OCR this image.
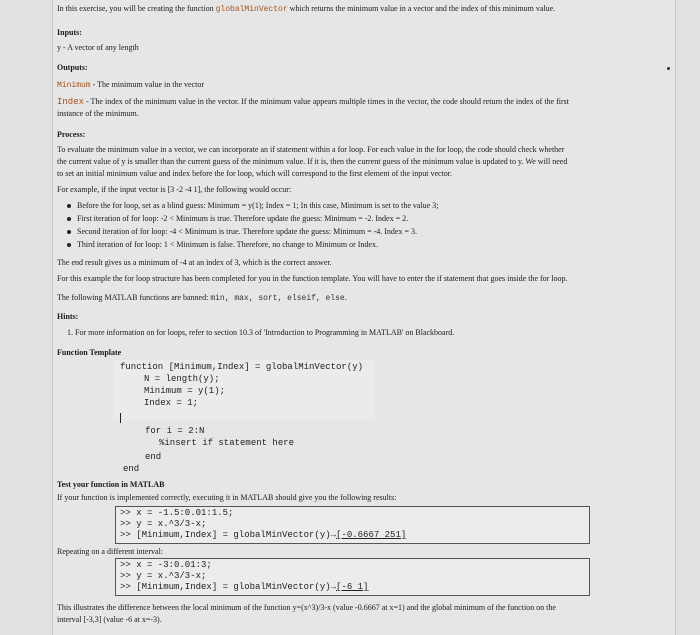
In this exercise, you will be creating the function globalMinVector which returns the minimum value in a vector and the index of this minimum value.
Inputs:
y - A vector of any length
Outputs:
Minimum - The minimum value in the vector
Index - The index of the minimum value in the vector. If the minimum value appears multiple times in the vector, the code should return the index of the first
instance of the minimum.
Process:
To evaluate the minimum value in a vector, we can incorporate an if statement within a for loop. For each value in the for loop, the code should check whether
the current value of y is smaller than the current guess of the minimum value. If it is, then the current guess of the minimum value is updated to y. We will need
to set an initial minimum value and index before the for loop, which will correspond to the first element of the input vector.
For example, if the input vector is [3 -2 -4 1], the following would occur:
Before the for loop, set as a blind guess: Minimum = y(1); Index = 1; In this case, Minimum is set to the value 3;
First iteration of for loop: -2 < Minimum is true. Therefore update the guess: Minimum = -2. Index = 2.
Second iteration of for loop: -4 < Minimum is true. Therefore update the guess: Minimum = -4. Index = 3.
Third iteration of for loop: 1 < Minimum is false. Therefore, no change to Minimum or Index.
The end result gives us a minimum of -4 at an index of 3, which is the correct answer.
For this example the for loop structure has been completed for you in the function template. You will have to enter the if statement that goes inside the for loop.
The following MATLAB functions are banned: min, max, sort, elseif, else.
Hints:
1. For more information on for loops, refer to section 10.3 of 'Introduction to Programming in MATLAB' on Blackboard.
Function Template
function [Minimum,Index] = globalMinVector(y)
N = length(y);
Minimum = y(1);
Index = 1;
for i = 2:N
%insert if statement here
end
end
Test your function in MATLAB
If your function is implemented correctly, executing it in MATLAB should give you the following results:
>> x = -1.5:0.01:1.5;
>> y = x.^3/3-x;
>> [Minimum,Index] = globalMinVector(y)→[-0.6667 251]
Repeating on a different interval:
>> x = -3:0.01:3;
>> y = x.^3/3-x;
>> [Minimum,Index] = globalMinVector(y)→[-6 1]
This illustrates the difference between the local minimum of the function y=(x^3)/3-x (value -0.6667 at x=1) and the global minimum of the function on the
interval [-3,3] (value -6 at x=-3).
